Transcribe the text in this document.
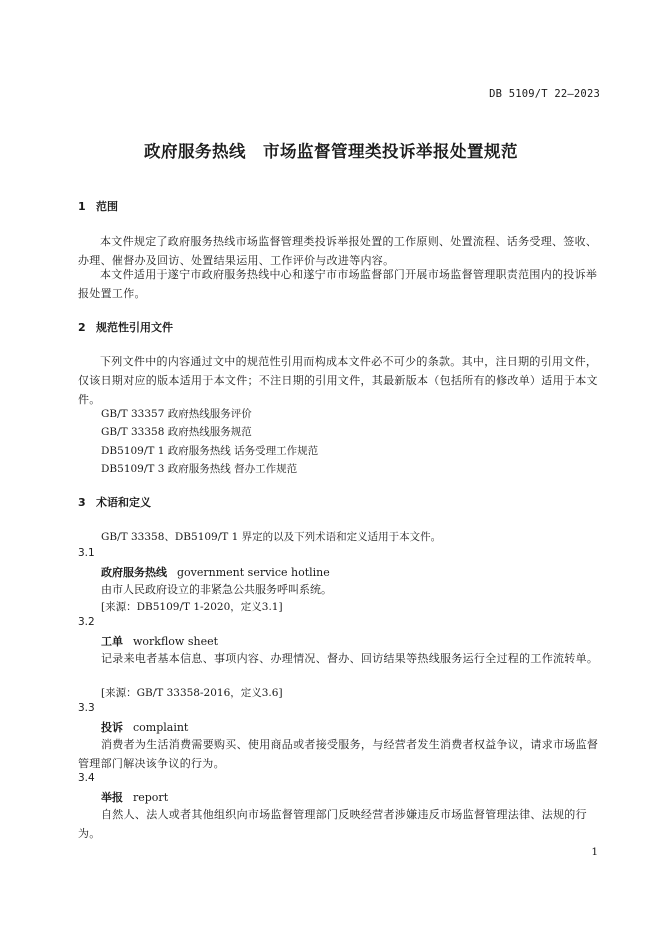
DB 5109/T 22—2023
政府服务热线　市场监督管理类投诉举报处置规范
1 范围
本文件规定了政府服务热线市场监督管理类投诉举报处置的工作原则、处置流程、话务受理、签收、办理、催督办及回访、处置结果运用、工作评价与改进等内容。
本文件适用于遂宁市政府服务热线中心和遂宁市市场监督部门开展市场监督管理职责范围内的投诉举报处置工作。
2 规范性引用文件
下列文件中的内容通过文中的规范性引用而构成本文件必不可少的条款。其中，注日期的引用文件，仅该日期对应的版本适用于本文件；不注日期的引用文件，其最新版本（包括所有的修改单）适用于本文件。
GB/T 33357 政府热线服务评价
GB/T 33358 政府热线服务规范
DB5109/T 1 政府服务热线 话务受理工作规范
DB5109/T 3 政府服务热线 督办工作规范
3 术语和定义
GB/T 33358、DB5109/T 1 界定的以及下列术语和定义适用于本文件。
3.1
政府服务热线 government service hotline
由市人民政府设立的非紧急公共服务呼叫系统。
[来源：DB5109/T 1-2020，定义3.1]
3.2
工单 workflow sheet
记录来电者基本信息、事项内容、办理情况、督办、回访结果等热线服务运行全过程的工作流转单。
[来源：GB/T 33358-2016，定义3.6]
3.3
投诉 complaint
消费者为生活消费需要购买、使用商品或者接受服务，与经营者发生消费者权益争议，请求市场监督管理部门解决该争议的行为。
3.4
举报 report
自然人、法人或者其他组织向市场监督管理部门反映经营者涉嫌违反市场监督管理法律、法规的行为。
1
